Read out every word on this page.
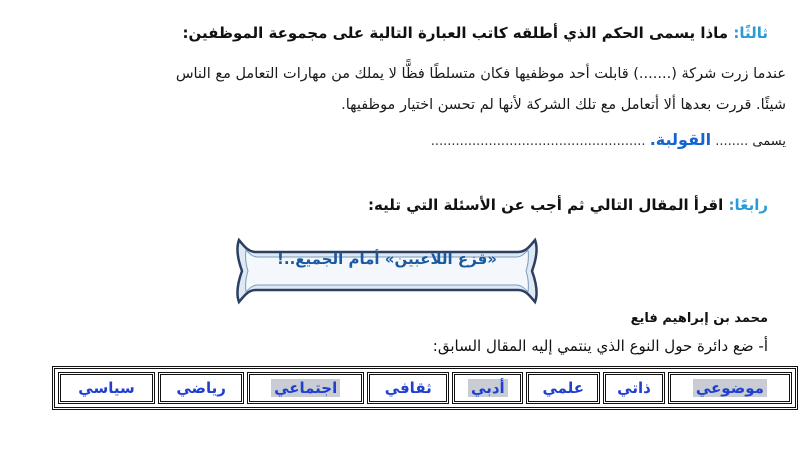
ثالثًا: ماذا يسمى الحكم الذي أطلقه كاتب العبارة التالية على مجموعة الموظفين:
عندما زرت شركة (.......) قابلت أحد موظفيها فكان متسلطًا فظًّا لا يملك من مهارات التعامل مع الناس
شيئًا. قررت بعدها ألا أتعامل مع تلك الشركة لأنها لم تحسن اختيار موظفيها.
يسمى ........ القولبة. ....................................................
رابعًا: اقرأ المقال التالي ثم أجب عن الأسئلة التي تليه:
«قزع اللاعبين» أمام الجميع..!
محمد بن إبراهيم فايع
أ- ضع دائرة حول النوع الذي ينتمي إليه المقال السابق:
موضوعي	ذاتي	علمي	أدبي	ثقافي	اجتماعي	رياضي	سياسي
